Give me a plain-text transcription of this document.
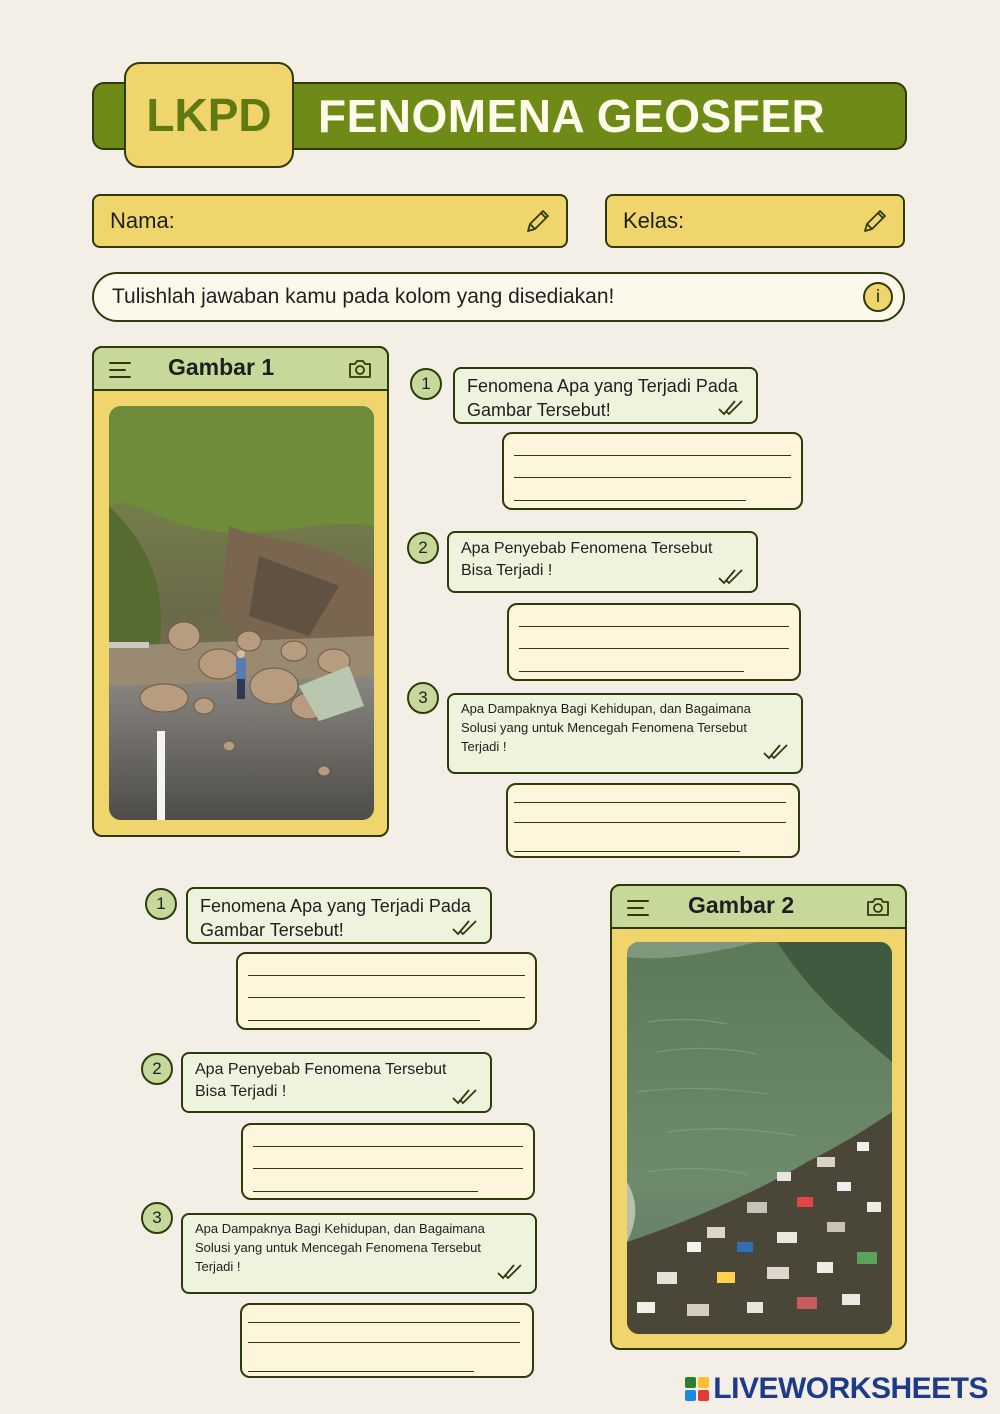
FENOMENA GEOSFER
LKPD
Nama:	Kelas:
Tulishlah jawaban kamu pada kolom yang disediakan!	i
Gambar 1
1	Fenomena Apa yang Terjadi Pada Gambar Tersebut!
2	Apa Penyebab Fenomena Tersebut Bisa Terjadi !
3
Apa Dampaknya Bagi Kehidupan, dan Bagaimana Solusi yang untuk Mencegah Fenomena Tersebut Terjadi !
1	Fenomena Apa yang Terjadi Pada Gambar Tersebut!
2	Apa Penyebab Fenomena Tersebut Bisa Terjadi !
3
Apa Dampaknya Bagi Kehidupan, dan Bagaimana Solusi yang untuk Mencegah Fenomena Tersebut Terjadi !
Gambar 2
LIVEWORKSHEETS
